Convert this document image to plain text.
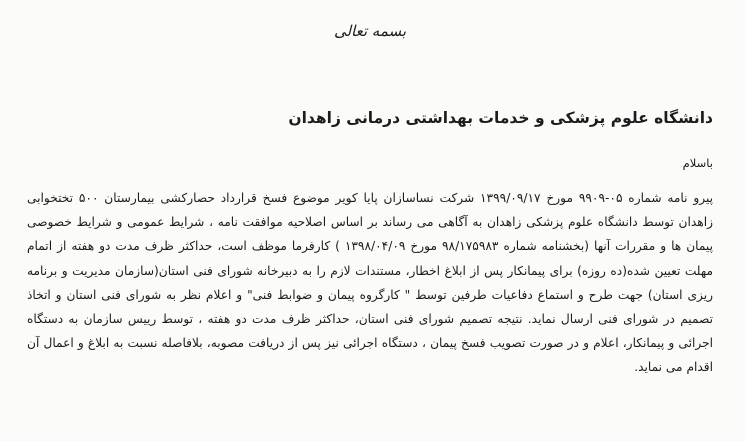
بسمه تعالی
دانشگاه علوم پزشکی و خدمات بهداشتی درمانی زاهدان
باسلام

پیرو نامه شماره ۰۵-۹۹۰۹ مورخ ۱۳۹۹/۰۹/۱۷ شرکت نساسازان پایا کویر موضوع فسخ قرارداد حصارکشی بیمارستان ۵۰۰ تختخوابی زاهدان توسط دانشگاه علوم پزشکی زاهدان به آگاهی می رساند بر اساس اصلاحیه موافقت نامه ، شرایط عمومی و شرایط خصوصی پیمان ها و مقررات آنها (بخشنامه شماره ۹۸/۱۷۵۹۸۳ مورخ ۱۳۹۸/۰۴/۰۹ ) کارفرما موظف است، حداکثر ظرف مدت دو هفته از اتمام مهلت تعیین شده(ده روزه) برای پیمانکار پس از ابلاغ اخطار، مستندات لازم را به دبیرخانه شورای فنی استان(سازمان مدیریت و برنامه ریزی استان) جهت طرح و استماع دفاعیات طرفین توسط " کارگروه پیمان و ضوابط فنی" و اعلام نظر به شورای فنی استان و اتخاذ تصمیم در شورای فنی ارسال نماید. نتیجه تصمیم شورای فنی استان، حداکثر ظرف مدت دو هفته ، توسط رییس سازمان به دستگاه اجرائی و پیمانکار، اعلام و در صورت تصویب فسخ پیمان ، دستگاه اجرائی نیز پس از دریافت مصوبه، بلافاصله نسبت به ابلاغ و اعمال آن اقدام می نماید.
